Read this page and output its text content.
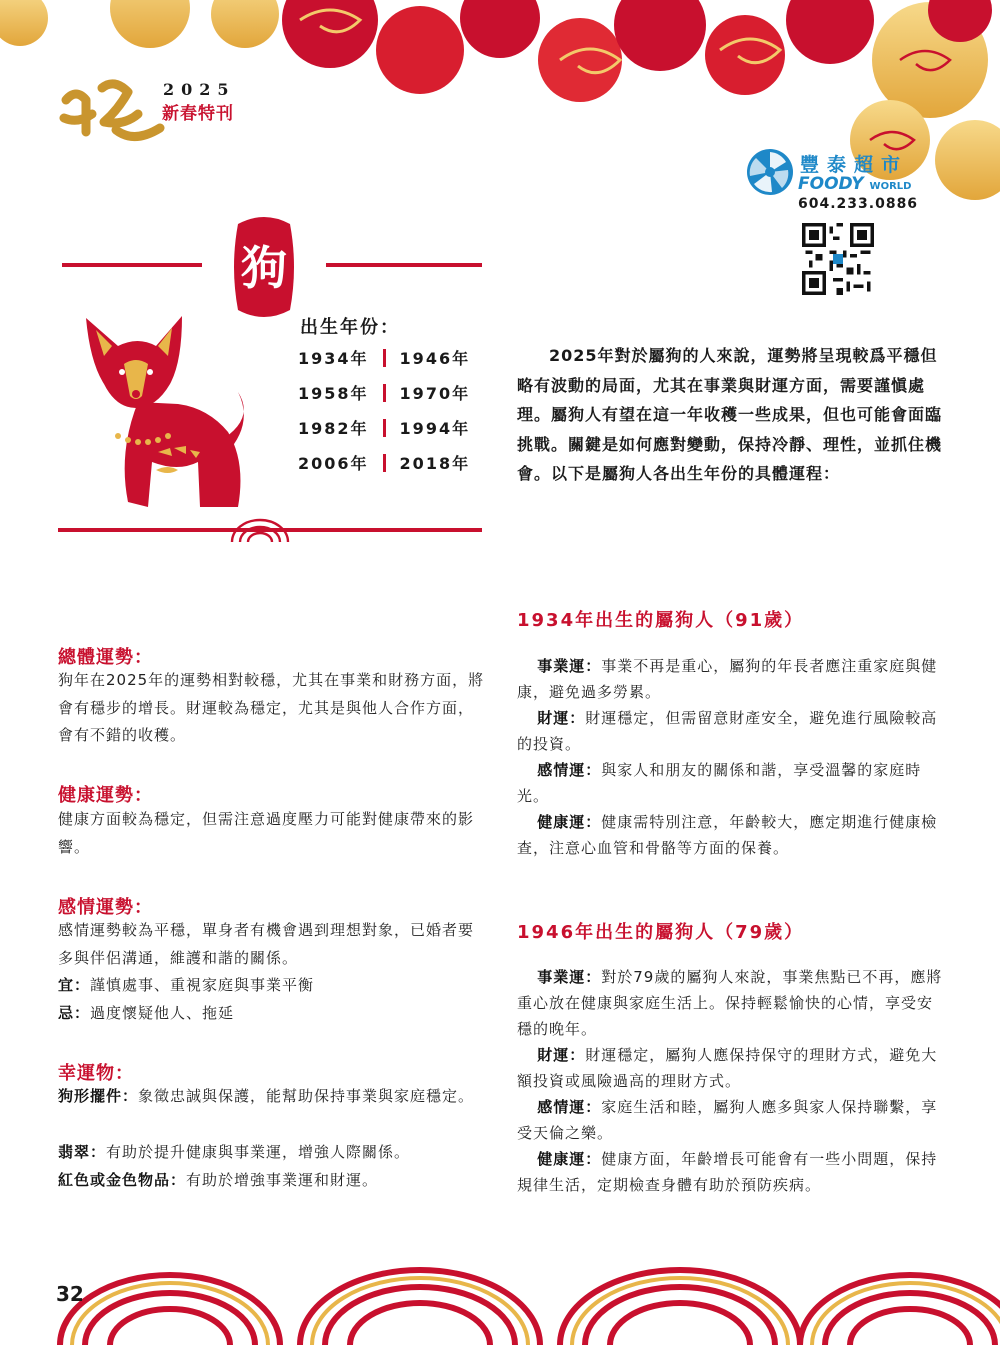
2025
新春特刊
豐泰超市
FOODY WORLD
604.233.0886
狗
出生年份：
1934年 1946年
1958年 1970年
1982年 1994年
2006年 2018年

2025年對於屬狗的人來說，運勢將呈現較爲平穩但略有波動的局面，尤其在事業與財運方面，需要謹愼處理。屬狗人有望在這一年收穫一些成果，但也可能會面臨挑戰。關鍵是如何應對變動，保持冷靜、理性，並抓住機會。以下是屬狗人各出生年份的具體運程：

總體運勢：

狗年在2025年的運勢相對較穩，尤其在事業和財務方面，將會有穩步的增長。財運較為穩定，尤其是與他人合作方面，會有不錯的收穫。

健康運勢：

健康方面較為穩定，但需注意過度壓力可能對健康帶來的影響。

感情運勢：

感情運勢較為平穩，單身者有機會遇到理想對象，已婚者要多與伴侶溝通，維護和諧的關係。

宜：謹慎處事、重視家庭與事業平衡

忌：過度懷疑他人、拖延

幸運物：

狗形擺件：象徵忠誠與保護，能幫助保持事業與家庭穩定。

翡翠：有助於提升健康與事業運，增強人際關係。

紅色或金色物品：有助於增強事業運和財運。

1934年出生的屬狗人（91歲）

事業運：事業不再是重心，屬狗的年長者應注重家庭與健康，避免過多勞累。

財運：財運穩定，但需留意財產安全，避免進行風險較高的投資。

感情運：與家人和朋友的關係和諧，享受溫馨的家庭時光。

健康運：健康需特別注意，年齡較大，應定期進行健康檢查，注意心血管和骨骼等方面的保養。

1946年出生的屬狗人（79歲）

事業運：對於79歲的屬狗人來說，事業焦點已不再，應將重心放在健康與家庭生活上。保持輕鬆愉快的心情，享受安穩的晚年。

財運：財運穩定，屬狗人應保持保守的理財方式，避免大額投資或風險過高的理財方式。

感情運：家庭生活和睦，屬狗人應多與家人保持聯繫，享受天倫之樂。

健康運：健康方面，年齡增長可能會有一些小問題，保持規律生活，定期檢查身體有助於預防疾病。

32
